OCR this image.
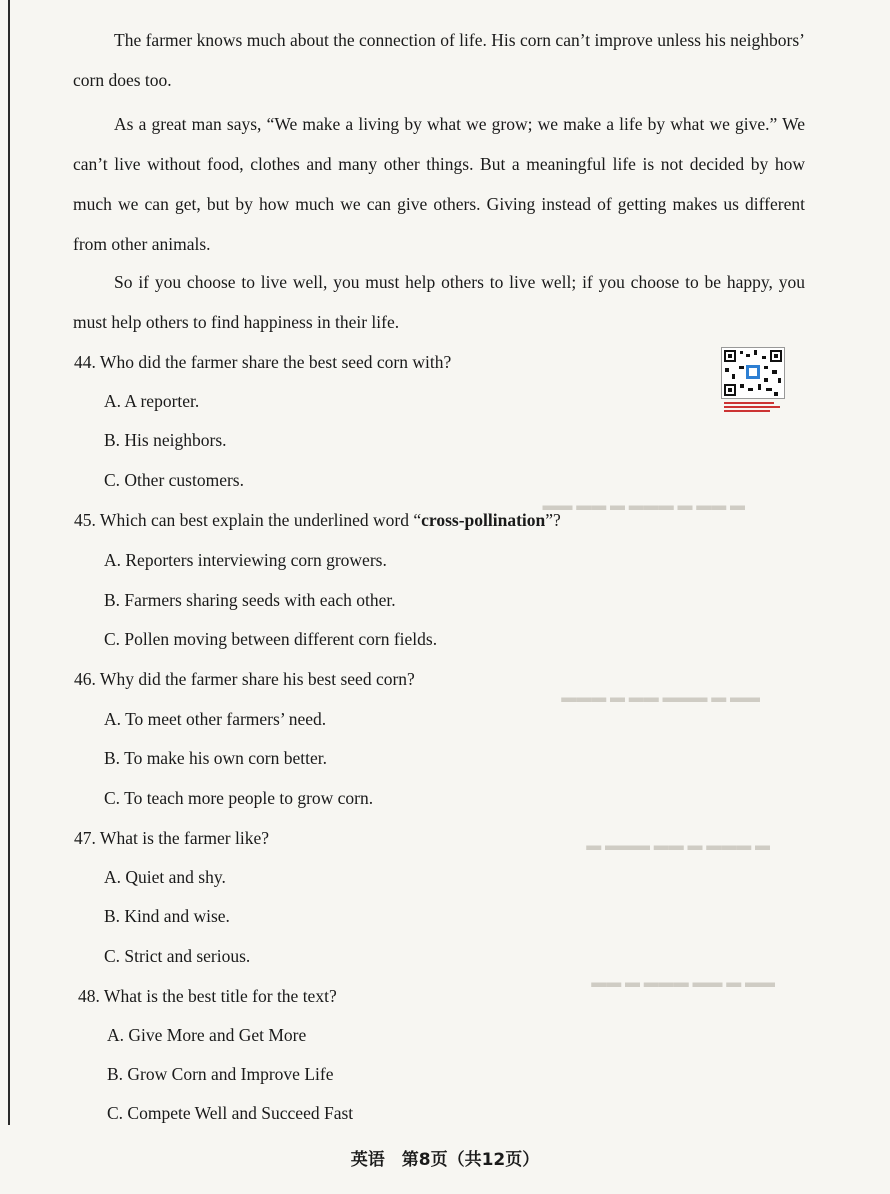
▬ ▬▬ ▬ ▬▬▬ ▬ ▬▬ ▬▬
▬▬ ▬ ▬▬▬ ▬▬ ▬ ▬▬▬
▬ ▬▬▬ ▬ ▬▬ ▬▬▬ ▬
▬▬ ▬ ▬▬ ▬▬▬ ▬ ▬▬

The farmer knows much about the connection of life. His corn can’t improve unless his neighbors’ corn does too.

As a great man says, “We make a living by what we grow; we make a life by what we give.” We can’t live without food, clothes and many other things. But a meaningful life is not decided by how much we can get, but by how much we can give others. Giving instead of getting makes us different from other animals.

So if you choose to live well, you must help others to live well; if you choose to be happy, you must help others to find happiness in their life.

44. Who did the farmer share the best seed corn with?
A. A reporter.
B. His neighbors.
C. Other customers.
45. Which can best explain the underlined word “cross-pollination”?
A. Reporters interviewing corn growers.
B. Farmers sharing seeds with each other.
C. Pollen moving between different corn fields.
46. Why did the farmer share his best seed corn?
A. To meet other farmers’ need.
B. To make his own corn better.
C. To teach more people to grow corn.
47. What is the farmer like?
A. Quiet and shy.
B. Kind and wise.
C. Strict and serious.
48. What is the best title for the text?
A. Give More and Get More
B. Grow Corn and Improve Life
C. Compete Well and Succeed Fast
英语　第8页（共12页）
